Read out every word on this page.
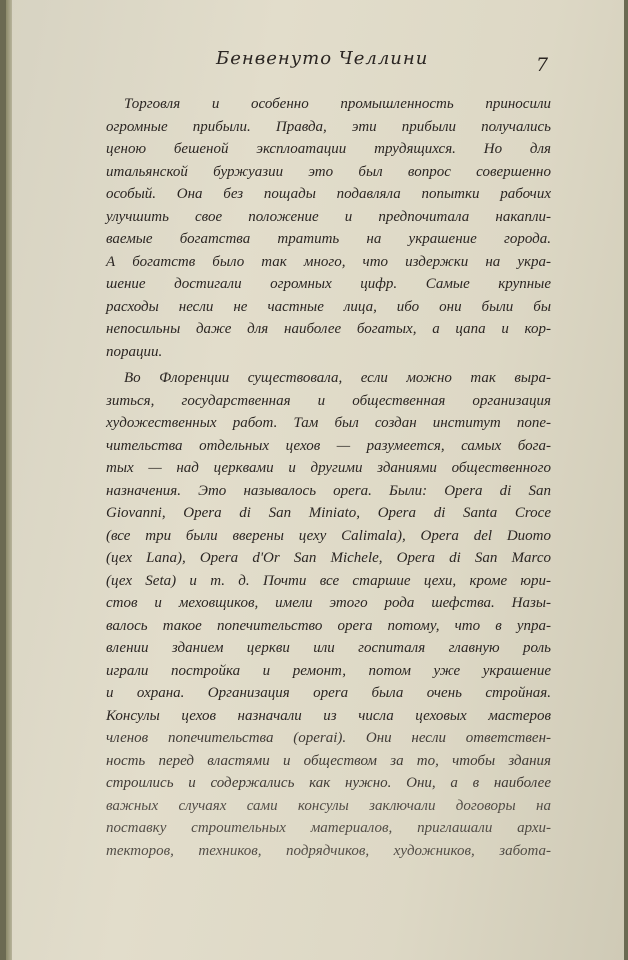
Бенвенуто Челлини	7
Торговля и особенно промышленность приносили
огромные прибыли. Правда, эти прибыли получались
ценою бешеной эксплоатации трудящихся. Но для
итальянской буржуазии это был вопрос совершенно
особый. Она без пощады подавляла попытки рабочих
улучшить свое положение и предпочитала накапли-
ваемые богатства тратить на украшение города.
А богатств было так много, что издержки на укра-
шение достигали огромных цифр. Самые крупные
расходы несли не частные лица, ибо они были бы
непосильны даже для наиболее богатых, а цапа и кор-
порации.
Во Флоренции существовала, если можно так выра-
зиться, государственная и общественная организация
художественных работ. Там был создан институт попе-
чительства отдельных цехов — разумеется, самых бога-
тых — над церквами и другими зданиями общественного
назначения. Это называлось opera. Были: Opera di San
Giovanni, Opera di San Miniato, Opera di Santa Croce
(все три были вверены цеху Calimala), Opera del Duomo
(цех Lana), Opera d'Or San Michele, Opera di San Marco
(цех Seta) и т. д. Почти все старшие цехи, кроме юри-
стов и меховщиков, имели этого рода шефства. Назы-
валось такое попечительство opera потому, что в упра-
влении зданием церкви или госпиталя главную роль
играли постройка и ремонт, потом уже украшение
и охрана. Организация opera была очень стройная.
Консулы цехов назначали из числа цеховых мастеров
членов попечительства (operai). Они несли ответствен-
ность перед властями и обществом за то, чтобы здания
строились и содержались как нужно. Они, а в наиболее
важных случаях сами консулы заключали договоры на
поставку строительных материалов, приглашали архи-
текторов, техников, подрядчиков, художников, забота-
